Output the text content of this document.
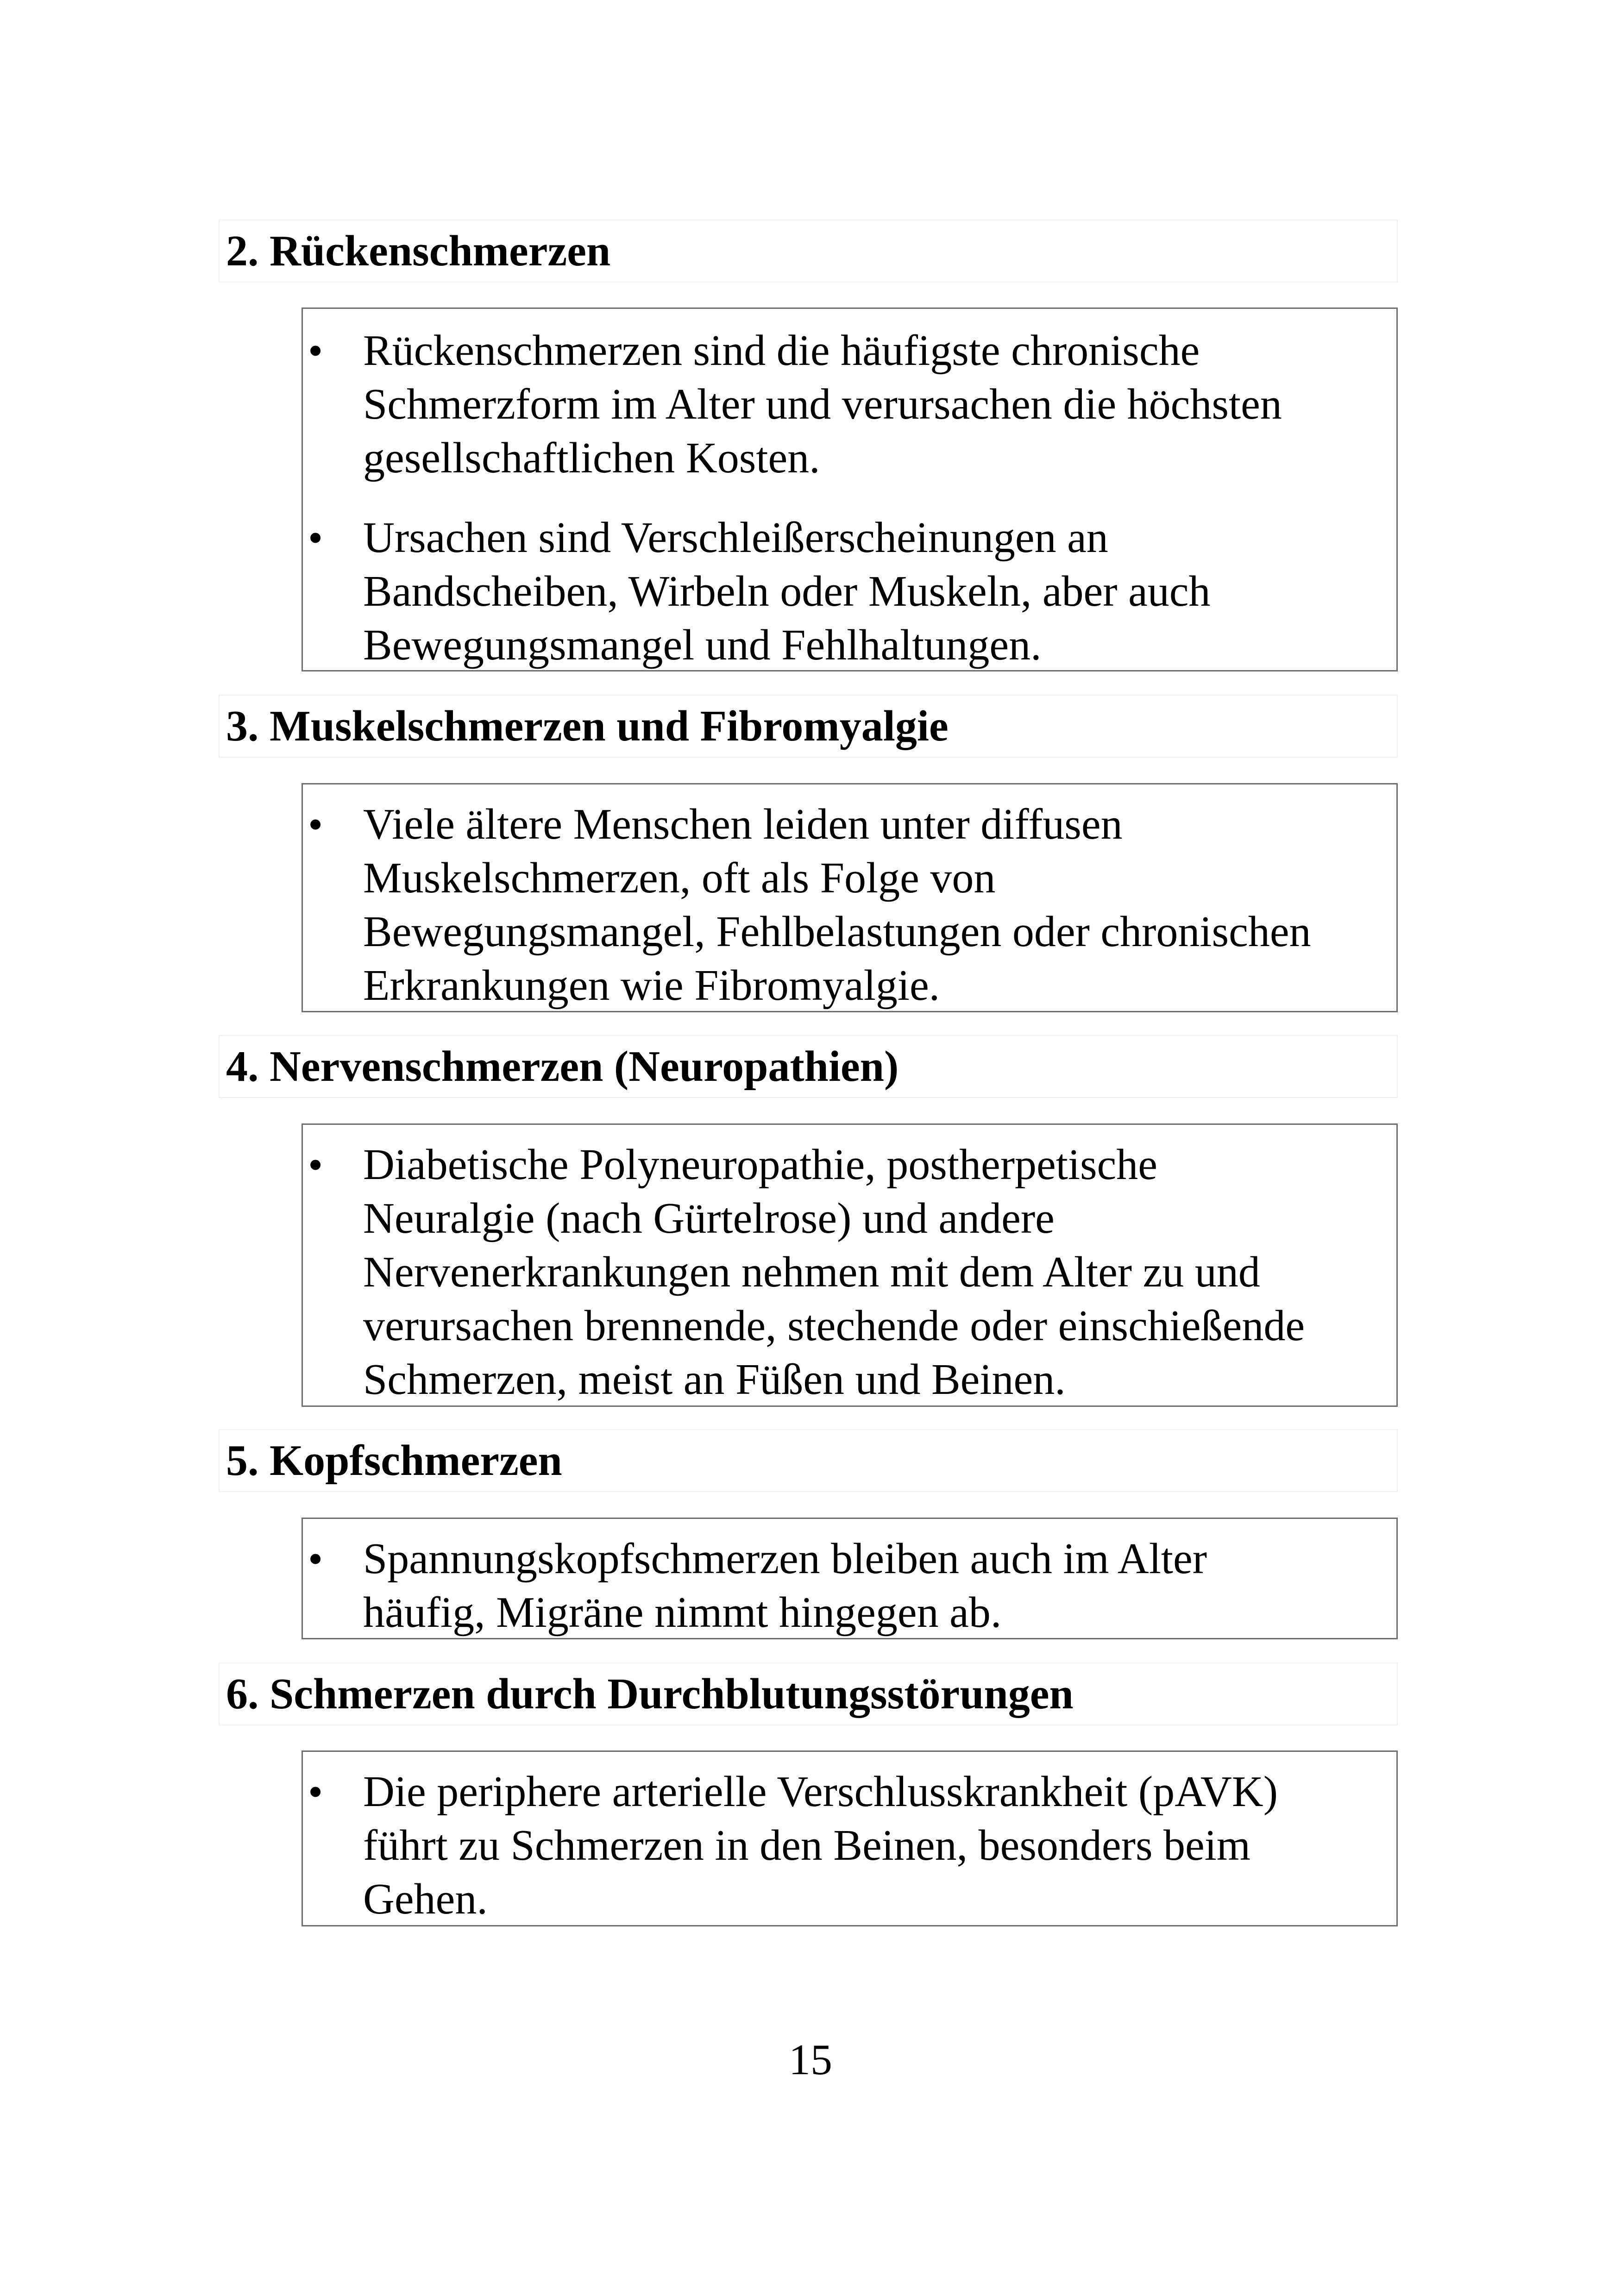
2. Rückenschmerzen
• Rückenschmerzen sind die häufigste chronische
Schmerzform im Alter und verursachen die höchsten
gesellschaftlichen Kosten.
• Ursachen sind Verschleißerscheinungen an
Bandscheiben, Wirbeln oder Muskeln, aber auch
Bewegungsmangel und Fehlhaltungen.
3. Muskelschmerzen und Fibromyalgie
• Viele ältere Menschen leiden unter diffusen
Muskelschmerzen, oft als Folge von
Bewegungsmangel, Fehlbelastungen oder chronischen
Erkrankungen wie Fibromyalgie.
4. Nervenschmerzen (Neuropathien)
• Diabetische Polyneuropathie, postherpetische
Neuralgie (nach Gürtelrose) und andere
Nervenerkrankungen nehmen mit dem Alter zu und
verursachen brennende, stechende oder einschießende
Schmerzen, meist an Füßen und Beinen.
5. Kopfschmerzen
• Spannungskopfschmerzen bleiben auch im Alter
häufig, Migräne nimmt hingegen ab.
6. Schmerzen durch Durchblutungsstörungen
• Die periphere arterielle Verschlusskrankheit (pAVK)
führt zu Schmerzen in den Beinen, besonders beim
Gehen.
15
